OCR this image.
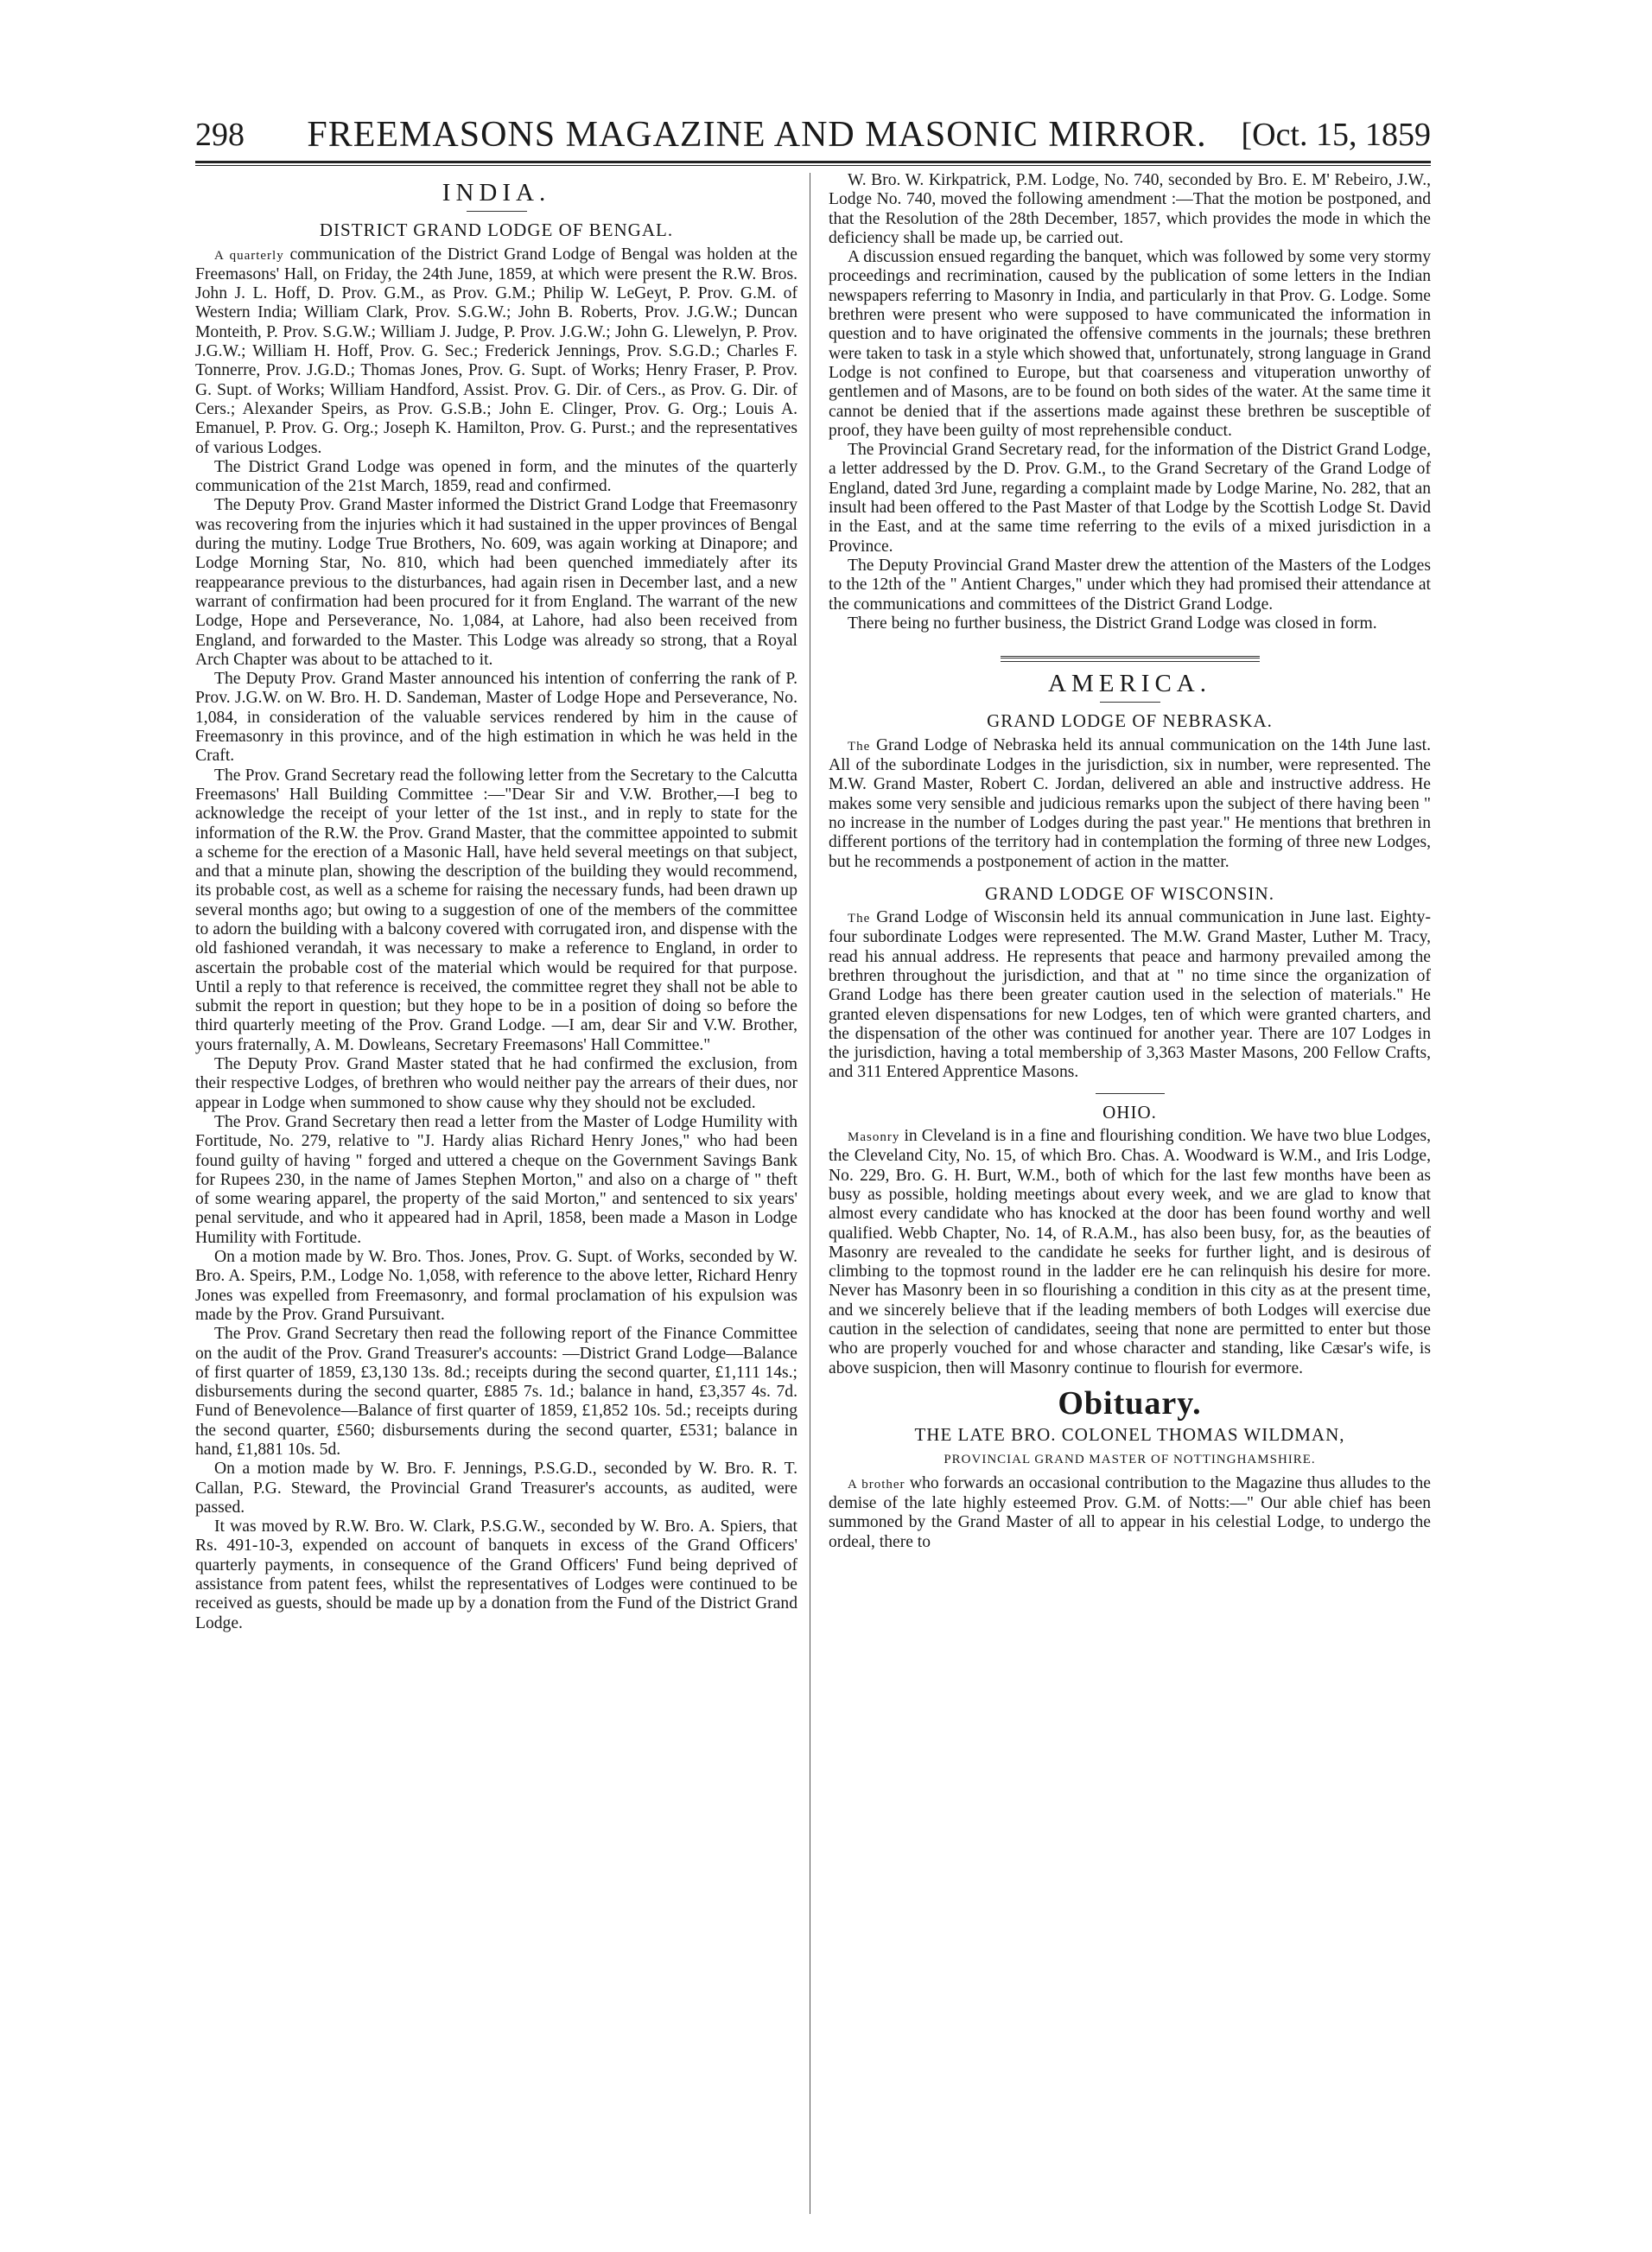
298	FREEMASONS MAGAZINE AND MASONIC MIRROR.	[Oct. 15, 1859
INDIA.
DISTRICT GRAND LODGE OF BENGAL.

A quarterly communication of the District Grand Lodge of Bengal was holden at the Freemasons' Hall, on Friday, the 24th June, 1859, at which were present the R.W. Bros. John J. L. Hoff, D. Prov. G.M., as Prov. G.M.; Philip W. LeGeyt, P. Prov. G.M. of Western India; William Clark, Prov. S.G.W.; John B. Roberts, Prov. J.G.W.; Duncan Monteith, P. Prov. S.G.W.; William J. Judge, P. Prov. J.G.W.; John G. Llewelyn, P. Prov. J.G.W.; William H. Hoff, Prov. G. Sec.; Frederick Jennings, Prov. S.G.D.; Charles F. Tonnerre, Prov. J.G.D.; Thomas Jones, Prov. G. Supt. of Works; Henry Fraser, P. Prov. G. Supt. of Works; William Handford, Assist. Prov. G. Dir. of Cers., as Prov. G. Dir. of Cers.; Alexander Speirs, as Prov. G.S.B.; John E. Clinger, Prov. G. Org.; Louis A. Emanuel, P. Prov. G. Org.; Joseph K. Hamilton, Prov. G. Purst.; and the representatives of various Lodges.

The District Grand Lodge was opened in form, and the minutes of the quarterly communication of the 21st March, 1859, read and confirmed.

The Deputy Prov. Grand Master informed the District Grand Lodge that Freemasonry was recovering from the injuries which it had sustained in the upper provinces of Bengal during the mutiny. Lodge True Brothers, No. 609, was again working at Dinapore; and Lodge Morning Star, No. 810, which had been quenched immediately after its reappearance previous to the disturbances, had again risen in December last, and a new warrant of confirmation had been procured for it from England. The warrant of the new Lodge, Hope and Perseverance, No. 1,084, at Lahore, had also been received from England, and forwarded to the Master. This Lodge was already so strong, that a Royal Arch Chapter was about to be attached to it.

The Deputy Prov. Grand Master announced his intention of conferring the rank of P. Prov. J.G.W. on W. Bro. H. D. Sandeman, Master of Lodge Hope and Perseverance, No. 1,084, in consideration of the valuable services rendered by him in the cause of Freemasonry in this province, and of the high estimation in which he was held in the Craft.

The Prov. Grand Secretary read the following letter from the Secretary to the Calcutta Freemasons' Hall Building Committee :—"Dear Sir and V.W. Brother,—I beg to acknowledge the receipt of your letter of the 1st inst., and in reply to state for the information of the R.W. the Prov. Grand Master, that the committee appointed to submit a scheme for the erection of a Masonic Hall, have held several meetings on that subject, and that a minute plan, showing the description of the building they would recommend, its probable cost, as well as a scheme for raising the necessary funds, had been drawn up several months ago; but owing to a suggestion of one of the members of the committee to adorn the building with a balcony covered with corrugated iron, and dispense with the old fashioned verandah, it was necessary to make a reference to England, in order to ascertain the probable cost of the material which would be required for that purpose. Until a reply to that reference is received, the committee regret they shall not be able to submit the report in question; but they hope to be in a position of doing so before the third quarterly meeting of the Prov. Grand Lodge. —I am, dear Sir and V.W. Brother, yours fraternally, A. M. Dowleans, Secretary Freemasons' Hall Committee."

The Deputy Prov. Grand Master stated that he had confirmed the exclusion, from their respective Lodges, of brethren who would neither pay the arrears of their dues, nor appear in Lodge when summoned to show cause why they should not be excluded.

The Prov. Grand Secretary then read a letter from the Master of Lodge Humility with Fortitude, No. 279, relative to "J. Hardy alias Richard Henry Jones," who had been found guilty of having " forged and uttered a cheque on the Government Savings Bank for Rupees 230, in the name of James Stephen Morton," and also on a charge of " theft of some wearing apparel, the property of the said Morton," and sentenced to six years' penal servitude, and who it appeared had in April, 1858, been made a Mason in Lodge Humility with Fortitude.

On a motion made by W. Bro. Thos. Jones, Prov. G. Supt. of Works, seconded by W. Bro. A. Speirs, P.M., Lodge No. 1,058, with reference to the above letter, Richard Henry Jones was expelled from Freemasonry, and formal proclamation of his expulsion was made by the Prov. Grand Pursuivant.

The Prov. Grand Secretary then read the following report of the Finance Committee on the audit of the Prov. Grand Treasurer's accounts: —District Grand Lodge—Balance of first quarter of 1859, £3,130 13s. 8d.; receipts during the second quarter, £1,111 14s.; disbursements during the second quarter, £885 7s. 1d.; balance in hand, £3,357 4s. 7d. Fund of Benevolence—Balance of first quarter of 1859, £1,852 10s. 5d.; receipts during the second quarter, £560; disbursements during the second quarter, £531; balance in hand, £1,881 10s. 5d.

On a motion made by W. Bro. F. Jennings, P.S.G.D., seconded by W. Bro. R. T. Callan, P.G. Steward, the Provincial Grand Treasurer's accounts, as audited, were passed.

It was moved by R.W. Bro. W. Clark, P.S.G.W., seconded by W. Bro. A. Spiers, that Rs. 491-10-3, expended on account of banquets in excess of the Grand Officers' quarterly payments, in consequence of the Grand Officers' Fund being deprived of assistance from patent fees, whilst the representatives of Lodges were continued to be received as guests, should be made up by a donation from the Fund of the District Grand Lodge.

W. Bro. W. Kirkpatrick, P.M. Lodge, No. 740, seconded by Bro. E. M' Rebeiro, J.W., Lodge No. 740, moved the following amendment :—That the motion be postponed, and that the Resolution of the 28th December, 1857, which provides the mode in which the deficiency shall be made up, be carried out.

A discussion ensued regarding the banquet, which was followed by some very stormy proceedings and recrimination, caused by the publication of some letters in the Indian newspapers referring to Masonry in India, and particularly in that Prov. G. Lodge. Some brethren were present who were supposed to have communicated the information in question and to have originated the offensive comments in the journals; these brethren were taken to task in a style which showed that, unfortunately, strong language in Grand Lodge is not confined to Europe, but that coarseness and vituperation unworthy of gentlemen and of Masons, are to be found on both sides of the water. At the same time it cannot be denied that if the assertions made against these brethren be susceptible of proof, they have been guilty of most reprehensible conduct.

The Provincial Grand Secretary read, for the information of the District Grand Lodge, a letter addressed by the D. Prov. G.M., to the Grand Secretary of the Grand Lodge of England, dated 3rd June, regarding a complaint made by Lodge Marine, No. 282, that an insult had been offered to the Past Master of that Lodge by the Scottish Lodge St. David in the East, and at the same time referring to the evils of a mixed jurisdiction in a Province.

The Deputy Provincial Grand Master drew the attention of the Masters of the Lodges to the 12th of the " Antient Charges," under which they had promised their attendance at the communications and committees of the District Grand Lodge.

There being no further business, the District Grand Lodge was closed in form.

AMERICA.
GRAND LODGE OF NEBRASKA.

The Grand Lodge of Nebraska held its annual communication on the 14th June last. All of the subordinate Lodges in the jurisdiction, six in number, were represented. The M.W. Grand Master, Robert C. Jordan, delivered an able and instructive address. He makes some very sensible and judicious remarks upon the subject of there having been " no increase in the number of Lodges during the past year." He mentions that brethren in different portions of the territory had in contemplation the forming of three new Lodges, but he recommends a postponement of action in the matter.

GRAND LODGE OF WISCONSIN.

The Grand Lodge of Wisconsin held its annual communication in June last. Eighty-four subordinate Lodges were represented. The M.W. Grand Master, Luther M. Tracy, read his annual address. He represents that peace and harmony prevailed among the brethren throughout the jurisdiction, and that at " no time since the organization of Grand Lodge has there been greater caution used in the selection of materials." He granted eleven dispensations for new Lodges, ten of which were granted charters, and the dispensation of the other was continued for another year. There are 107 Lodges in the jurisdiction, having a total membership of 3,363 Master Masons, 200 Fellow Crafts, and 311 Entered Apprentice Masons.

OHIO.

Masonry in Cleveland is in a fine and flourishing condition. We have two blue Lodges, the Cleveland City, No. 15, of which Bro. Chas. A. Woodward is W.M., and Iris Lodge, No. 229, Bro. G. H. Burt, W.M., both of which for the last few months have been as busy as possible, holding meetings about every week, and we are glad to know that almost every candidate who has knocked at the door has been found worthy and well qualified. Webb Chapter, No. 14, of R.A.M., has also been busy, for, as the beauties of Masonry are revealed to the candidate he seeks for further light, and is desirous of climbing to the topmost round in the ladder ere he can relinquish his desire for more. Never has Masonry been in so flourishing a condition in this city as at the present time, and we sincerely believe that if the leading members of both Lodges will exercise due caution in the selection of candidates, seeing that none are permitted to enter but those who are properly vouched for and whose character and standing, like Cæsar's wife, is above suspicion, then will Masonry continue to flourish for evermore.

Obituary.
THE LATE BRO. COLONEL THOMAS WILDMAN,
PROVINCIAL GRAND MASTER OF NOTTINGHAMSHIRE.

A brother who forwards an occasional contribution to the Magazine thus alludes to the demise of the late highly esteemed Prov. G.M. of Notts:—" Our able chief has been summoned by the Grand Master of all to appear in his celestial Lodge, to undergo the ordeal, there to
